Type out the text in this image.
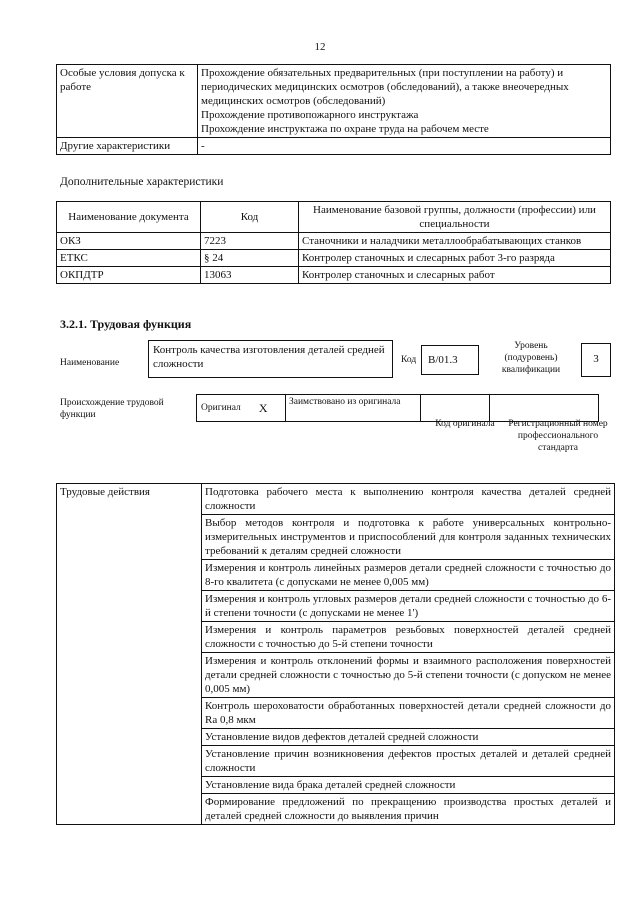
12
Особые условия допуска к работе	Прохождение обязательных предварительных (при поступлении на работу) и периодических медицинских осмотров (обследований), а также внеочередных медицинских осмотров (обследований)
Прохождение противопожарного инструктажа
Прохождение инструктажа по охране труда на рабочем месте

Другие характеристики	-
Дополнительные характеристики
Наименование документа	Код	Наименование базовой группы, должности (профессии) или специальности
ОКЗ	7223	Станочники и наладчики металлообрабатывающих станков
ЕТКС	§ 24	Контролер станочных и слесарных работ 3-го разряда
ОКПДТР	13063	Контролер станочных и слесарных работ
3.2.1. Трудовая функция
Наименование
Контроль качества изготовления деталей средней сложности	Код	B/01.3
Уровень (подуровень) квалификации
3
Происхождение трудовой функции
Оригинал X	Заимствовано из оригинала
Код оригинала	Регистрационный номер профессионального стандарта
Трудовые действия	Подготовка рабочего места к выполнению контроля качества деталей средней сложности
Выбор методов контроля и подготовка к работе универсальных контрольно-измерительных инструментов и приспособлений для контроля заданных технических требований к деталям средней сложности
Измерения и контроль линейных размеров детали средней сложности с точностью до 8-го квалитета (с допусками не менее 0,005 мм)
Измерения и контроль угловых размеров детали средней сложности с точностью до 6-й степени точности (с допусками не менее 1')
Измерения и контроль параметров резьбовых поверхностей деталей средней сложности с точностью до 5-й степени точности
Измерения и контроль отклонений формы и взаимного расположения поверхностей детали средней сложности с точностью до 5-й степени точности (с допуском не менее 0,005 мм)
Контроль шероховатости обработанных поверхностей детали средней сложности до Ra 0,8 мкм
Установление видов дефектов деталей средней сложности
Установление причин возникновения дефектов простых деталей и деталей средней сложности
Установление вида брака деталей средней сложности
Формирование предложений по прекращению производства простых деталей и деталей средней сложности до выявления причин
